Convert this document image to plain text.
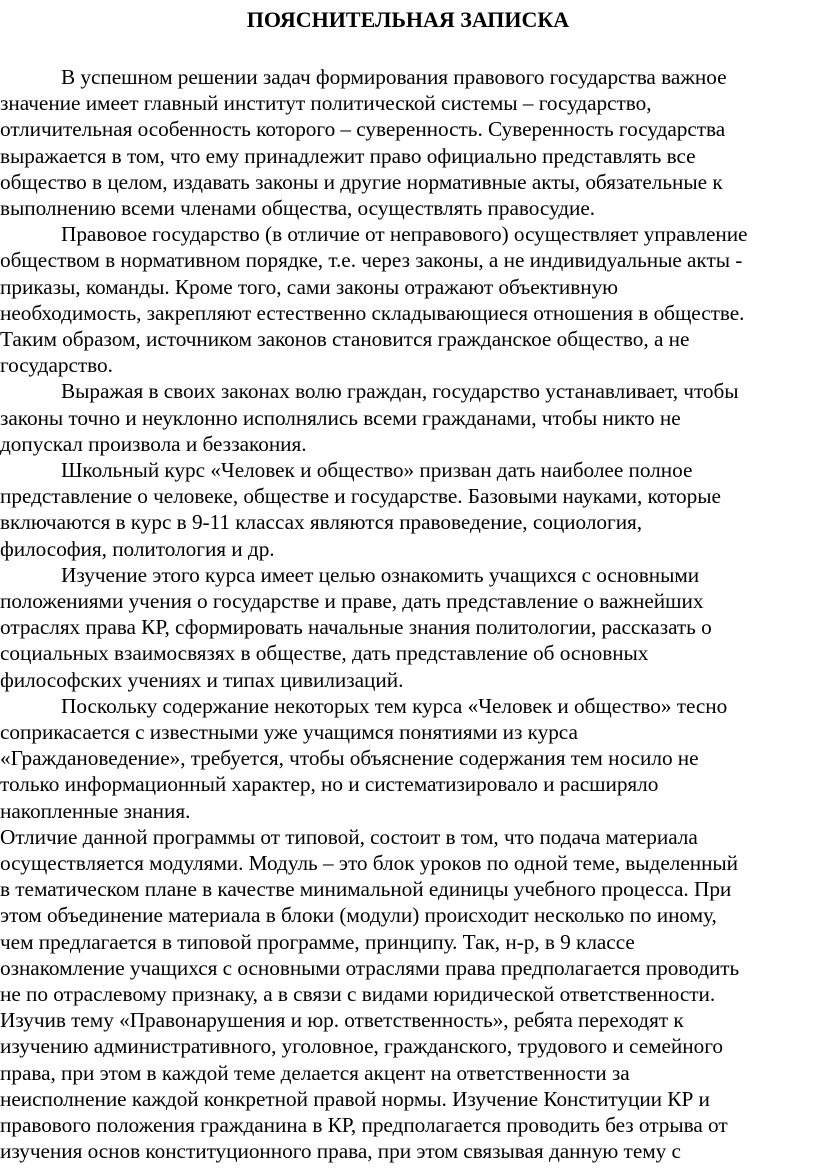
ПОЯСНИТЕЛЬНАЯ ЗАПИСКА
В успешном решении задач формирования правового государства важное
значение имеет главный институт политической системы – государство,
отличительная особенность которого – суверенность. Суверенность государства
выражается в том, что ему принадлежит право официально представлять все
общество в целом, издавать законы и другие нормативные акты, обязательные к
выполнению всеми членами общества, осуществлять правосудие.
Правовое государство (в отличие от неправового) осуществляет управление
обществом в нормативном порядке, т.е. через законы, а не индивидуальные акты -
приказы, команды. Кроме того, сами законы отражают объективную
необходимость, закрепляют естественно складывающиеся отношения в обществе.
Таким образом, источником законов становится гражданское общество, а не
государство.
Выражая в своих законах волю граждан, государство устанавливает, чтобы
законы точно и неуклонно исполнялись всеми гражданами, чтобы никто не
допускал произвола и беззакония.
Школьный курс «Человек и общество» призван дать наиболее полное
представление о человеке, обществе и государстве. Базовыми науками, которые
включаются в курс в 9-11 классах являются правоведение, социология,
философия, политология и др.
Изучение этого курса имеет целью ознакомить учащихся с основными
положениями учения о государстве и праве, дать представление о важнейших
отраслях права КР, сформировать начальные знания политологии, рассказать о
социальных взаимосвязях в обществе, дать представление об основных
философских учениях и типах цивилизаций.
Поскольку содержание некоторых тем курса «Человек и общество» тесно
соприкасается с известными уже учащимся понятиями из курса
«Граждановедение», требуется, чтобы объяснение содержания тем носило не
только информационный характер, но и систематизировало и расширяло
накопленные знания.
Отличие данной программы от типовой, состоит в том, что подача материала
осуществляется модулями. Модуль – это блок уроков по одной теме, выделенный
в тематическом плане в качестве минимальной единицы учебного процесса. При
этом объединение материала в блоки (модули) происходит несколько по иному,
чем предлагается в типовой программе, принципу. Так, н-р, в 9 классе
ознакомление учащихся с основными отраслями права предполагается проводить
не по отраслевому признаку, а в связи с видами юридической ответственности.
Изучив тему «Правонарушения и юр. ответственность», ребята переходят к
изучению административного, уголовное, гражданского, трудового и семейного
права, при этом в каждой теме делается акцент на ответственности за
неисполнение каждой конкретной правой нормы. Изучение Конституции КР и
правового положения гражданина в КР, предполагается проводить без отрыва от
изучения основ конституционного права, при этом связывая данную тему с
